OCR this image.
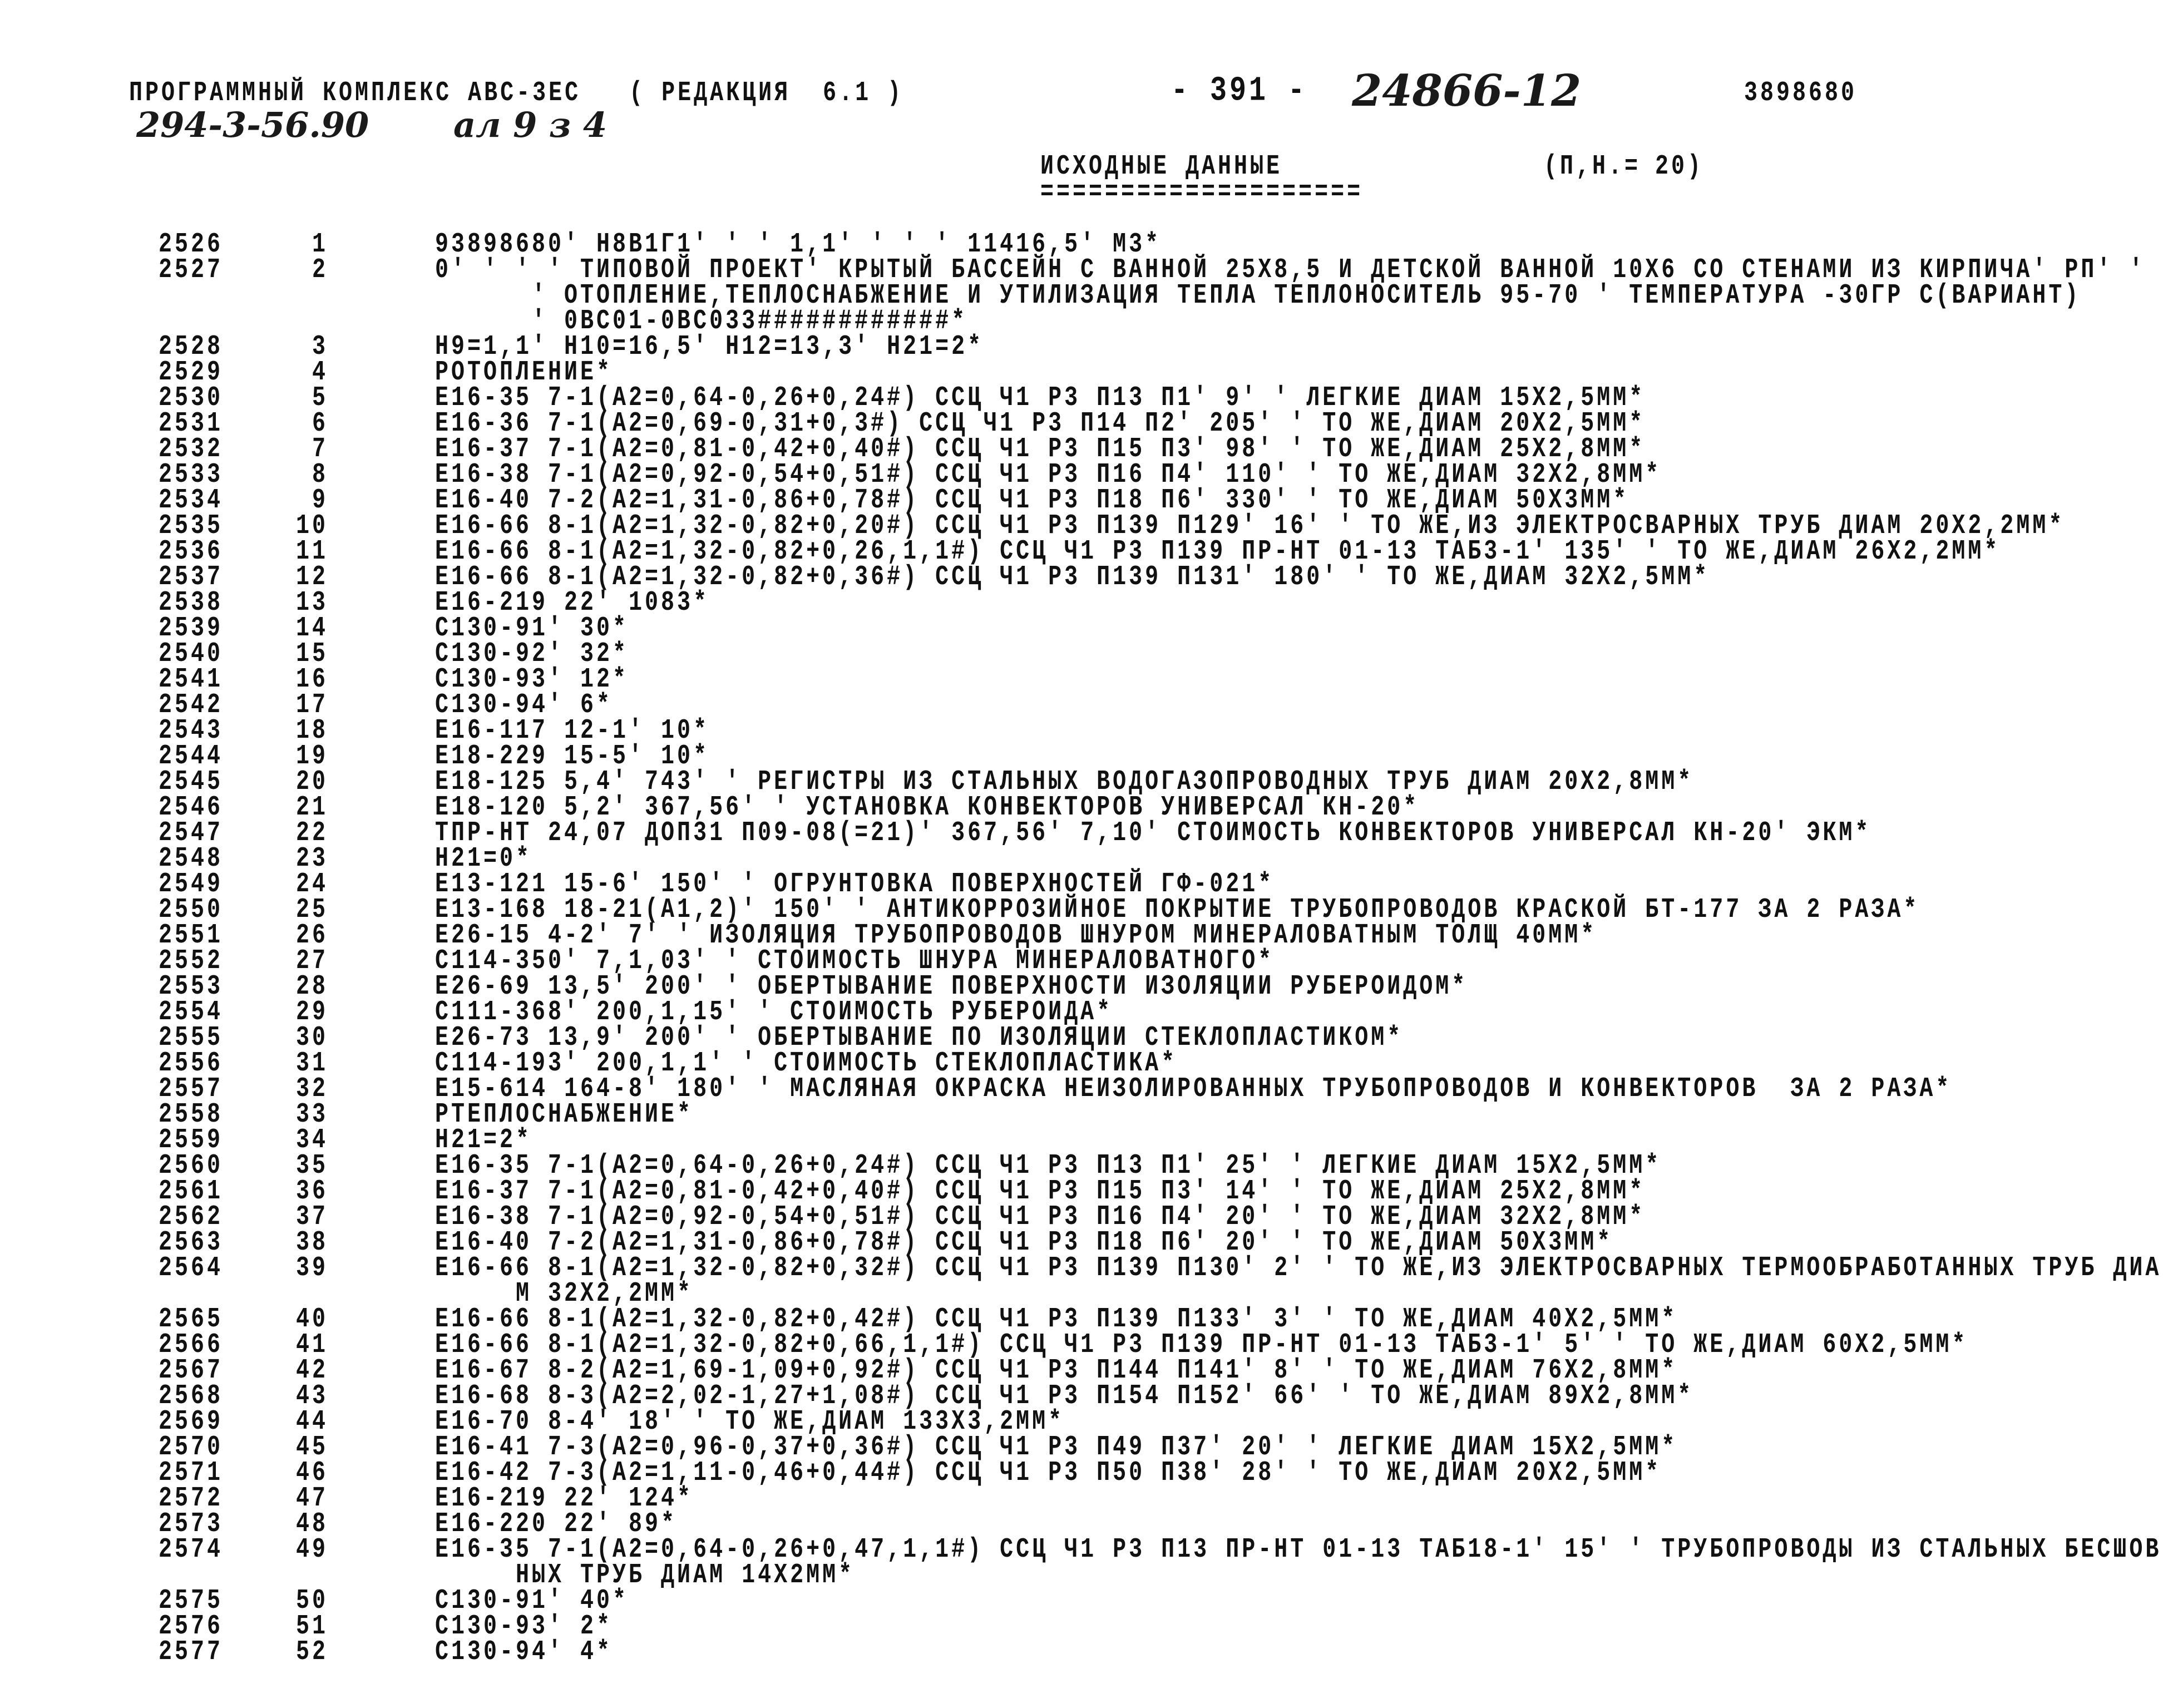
ПРОГРАММНЫЙ КОМПЛЕКС АВС-3ЕС   ( РЕДАКЦИЯ  6.1 )	- 391 - 24866-12	3898680
294-3-56.90 ал 9 з 4
ИСХОДНЫЕ ДАННЫЕ
====================
(П,Н.= 20)
2526	1	93898680' Н8В1Г1' ' ' 1,1' ' ' ' 11416,5' М3*
2527	2	0' ' ' ' ТИПОВОЙ ПРОЕКТ' КРЫТЫЙ БАССЕЙН С ВАННОЙ 25Х8,5 И ДЕТСКОЙ ВАННОЙ 10Х6 СО СТЕНАМИ ИЗ КИРПИЧА' РП' '
' ОТОПЛЕНИЕ,ТЕПЛОСНАБЖЕНИЕ И УТИЛИЗАЦИЯ ТЕПЛА ТЕПЛОНОСИТЕЛЬ 95-70 ' ТЕМПЕРАТУРА -30ГР С(ВАРИАНТ)
' 0ВС01-0ВС033############*
2528	3	Н9=1,1' Н10=16,5' Н12=13,3' Н21=2*
2529	4	РОТОПЛЕНИЕ*
2530	5	Е16-35 7-1(А2=0,64-0,26+0,24#) ССЦ Ч1 Р3 П13 П1' 9' ' ЛЕГКИЕ ДИАМ 15Х2,5ММ*
2531	6	Е16-36 7-1(А2=0,69-0,31+0,3#) ССЦ Ч1 Р3 П14 П2' 205' ' ТО ЖЕ,ДИАМ 20Х2,5ММ*
2532	7	Е16-37 7-1(А2=0,81-0,42+0,40#) ССЦ Ч1 Р3 П15 П3' 98' ' ТО ЖЕ,ДИАМ 25Х2,8ММ*
2533	8	Е16-38 7-1(А2=0,92-0,54+0,51#) ССЦ Ч1 Р3 П16 П4' 110' ' ТО ЖЕ,ДИАМ 32Х2,8ММ*
2534	9	Е16-40 7-2(А2=1,31-0,86+0,78#) ССЦ Ч1 Р3 П18 П6' 330' ' ТО ЖЕ,ДИАМ 50Х3ММ*
2535	10	Е16-66 8-1(А2=1,32-0,82+0,20#) ССЦ Ч1 Р3 П139 П129' 16' ' ТО ЖЕ,ИЗ ЭЛЕКТРОСВАРНЫХ ТРУБ ДИАМ 20Х2,2ММ*
2536	11	Е16-66 8-1(А2=1,32-0,82+0,26,1,1#) ССЦ Ч1 Р3 П139 ПР-НТ 01-13 ТАБ3-1' 135' ' ТО ЖЕ,ДИАМ 26Х2,2ММ*
2537	12	Е16-66 8-1(А2=1,32-0,82+0,36#) ССЦ Ч1 Р3 П139 П131' 180' ' ТО ЖЕ,ДИАМ 32Х2,5ММ*
2538	13	Е16-219 22' 1083*
2539	14	С130-91' 30*
2540	15	С130-92' 32*
2541	16	С130-93' 12*
2542	17	С130-94' 6*
2543	18	Е16-117 12-1' 10*
2544	19	Е18-229 15-5' 10*
2545	20	Е18-125 5,4' 743' ' РЕГИСТРЫ ИЗ СТАЛЬНЫХ ВОДОГАЗОПРОВОДНЫХ ТРУБ ДИАМ 20Х2,8ММ*
2546	21	Е18-120 5,2' 367,56' ' УСТАНОВКА КОНВЕКТОРОВ УНИВЕРСАЛ КН-20*
2547	22	ТПР-НТ 24,07 ДОП31 П09-08(=21)' 367,56' 7,10' СТОИМОСТЬ КОНВЕКТОРОВ УНИВЕРСАЛ КН-20' ЭКМ*
2548	23	Н21=0*
2549	24	Е13-121 15-6' 150' ' ОГРУНТОВКА ПОВЕРХНОСТЕЙ ГФ-021*
2550	25	Е13-168 18-21(А1,2)' 150' ' АНТИКОРРОЗИЙНОЕ ПОКРЫТИЕ ТРУБОПРОВОДОВ КРАСКОЙ БТ-177 ЗА 2 РАЗА*
2551	26	Е26-15 4-2' 7' ' ИЗОЛЯЦИЯ ТРУБОПРОВОДОВ ШНУРОМ МИНЕРАЛОВАТНЫМ ТОЛЩ 40ММ*
2552	27	С114-350' 7,1,03' ' СТОИМОСТЬ ШНУРА МИНЕРАЛОВАТНОГО*
2553	28	Е26-69 13,5' 200' ' ОБЕРТЫВАНИЕ ПОВЕРХНОСТИ ИЗОЛЯЦИИ РУБЕРОИДОМ*
2554	29	С111-368' 200,1,15' ' СТОИМОСТЬ РУБЕРОИДА*
2555	30	Е26-73 13,9' 200' ' ОБЕРТЫВАНИЕ ПО ИЗОЛЯЦИИ СТЕКЛОПЛАСТИКОМ*
2556	31	С114-193' 200,1,1' ' СТОИМОСТЬ СТЕКЛОПЛАСТИКА*
2557	32	Е15-614 164-8' 180' ' МАСЛЯНАЯ ОКРАСКА НЕИЗОЛИРОВАННЫХ ТРУБОПРОВОДОВ И КОНВЕКТОРОВ  ЗА 2 РАЗА*
2558	33	РТЕПЛОСНАБЖЕНИЕ*
2559	34	Н21=2*
2560	35	Е16-35 7-1(А2=0,64-0,26+0,24#) ССЦ Ч1 Р3 П13 П1' 25' ' ЛЕГКИЕ ДИАМ 15Х2,5ММ*
2561	36	Е16-37 7-1(А2=0,81-0,42+0,40#) ССЦ Ч1 Р3 П15 П3' 14' ' ТО ЖЕ,ДИАМ 25Х2,8ММ*
2562	37	Е16-38 7-1(А2=0,92-0,54+0,51#) ССЦ Ч1 Р3 П16 П4' 20' ' ТО ЖЕ,ДИАМ 32Х2,8ММ*
2563	38	Е16-40 7-2(А2=1,31-0,86+0,78#) ССЦ Ч1 Р3 П18 П6' 20' ' ТО ЖЕ,ДИАМ 50Х3ММ*
2564	39	Е16-66 8-1(А2=1,32-0,82+0,32#) ССЦ Ч1 Р3 П139 П130' 2' ' ТО ЖЕ,ИЗ ЭЛЕКТРОСВАРНЫХ ТЕРМООБРАБОТАННЫХ ТРУБ ДИА
М 32Х2,2ММ*
2565	40	Е16-66 8-1(А2=1,32-0,82+0,42#) ССЦ Ч1 Р3 П139 П133' 3' ' ТО ЖЕ,ДИАМ 40Х2,5ММ*
2566	41	Е16-66 8-1(А2=1,32-0,82+0,66,1,1#) ССЦ Ч1 Р3 П139 ПР-НТ 01-13 ТАБ3-1' 5' ' ТО ЖЕ,ДИАМ 60Х2,5ММ*
2567	42	Е16-67 8-2(А2=1,69-1,09+0,92#) ССЦ Ч1 Р3 П144 П141' 8' ' ТО ЖЕ,ДИАМ 76Х2,8ММ*
2568	43	Е16-68 8-3(А2=2,02-1,27+1,08#) ССЦ Ч1 Р3 П154 П152' 66' ' ТО ЖЕ,ДИАМ 89Х2,8ММ*
2569	44	Е16-70 8-4' 18' ' ТО ЖЕ,ДИАМ 133Х3,2ММ*
2570	45	Е16-41 7-3(А2=0,96-0,37+0,36#) ССЦ Ч1 Р3 П49 П37' 20' ' ЛЕГКИЕ ДИАМ 15Х2,5ММ*
2571	46	Е16-42 7-3(А2=1,11-0,46+0,44#) ССЦ Ч1 Р3 П50 П38' 28' ' ТО ЖЕ,ДИАМ 20Х2,5ММ*
2572	47	Е16-219 22' 124*
2573	48	Е16-220 22' 89*
2574	49	Е16-35 7-1(А2=0,64-0,26+0,47,1,1#) ССЦ Ч1 Р3 П13 ПР-НТ 01-13 ТАБ18-1' 15' ' ТРУБОПРОВОДЫ ИЗ СТАЛЬНЫХ БЕСШОВ
НЫХ ТРУБ ДИАМ 14Х2ММ*
2575	50	С130-91' 40*
2576	51	С130-93' 2*
2577	52	С130-94' 4*
